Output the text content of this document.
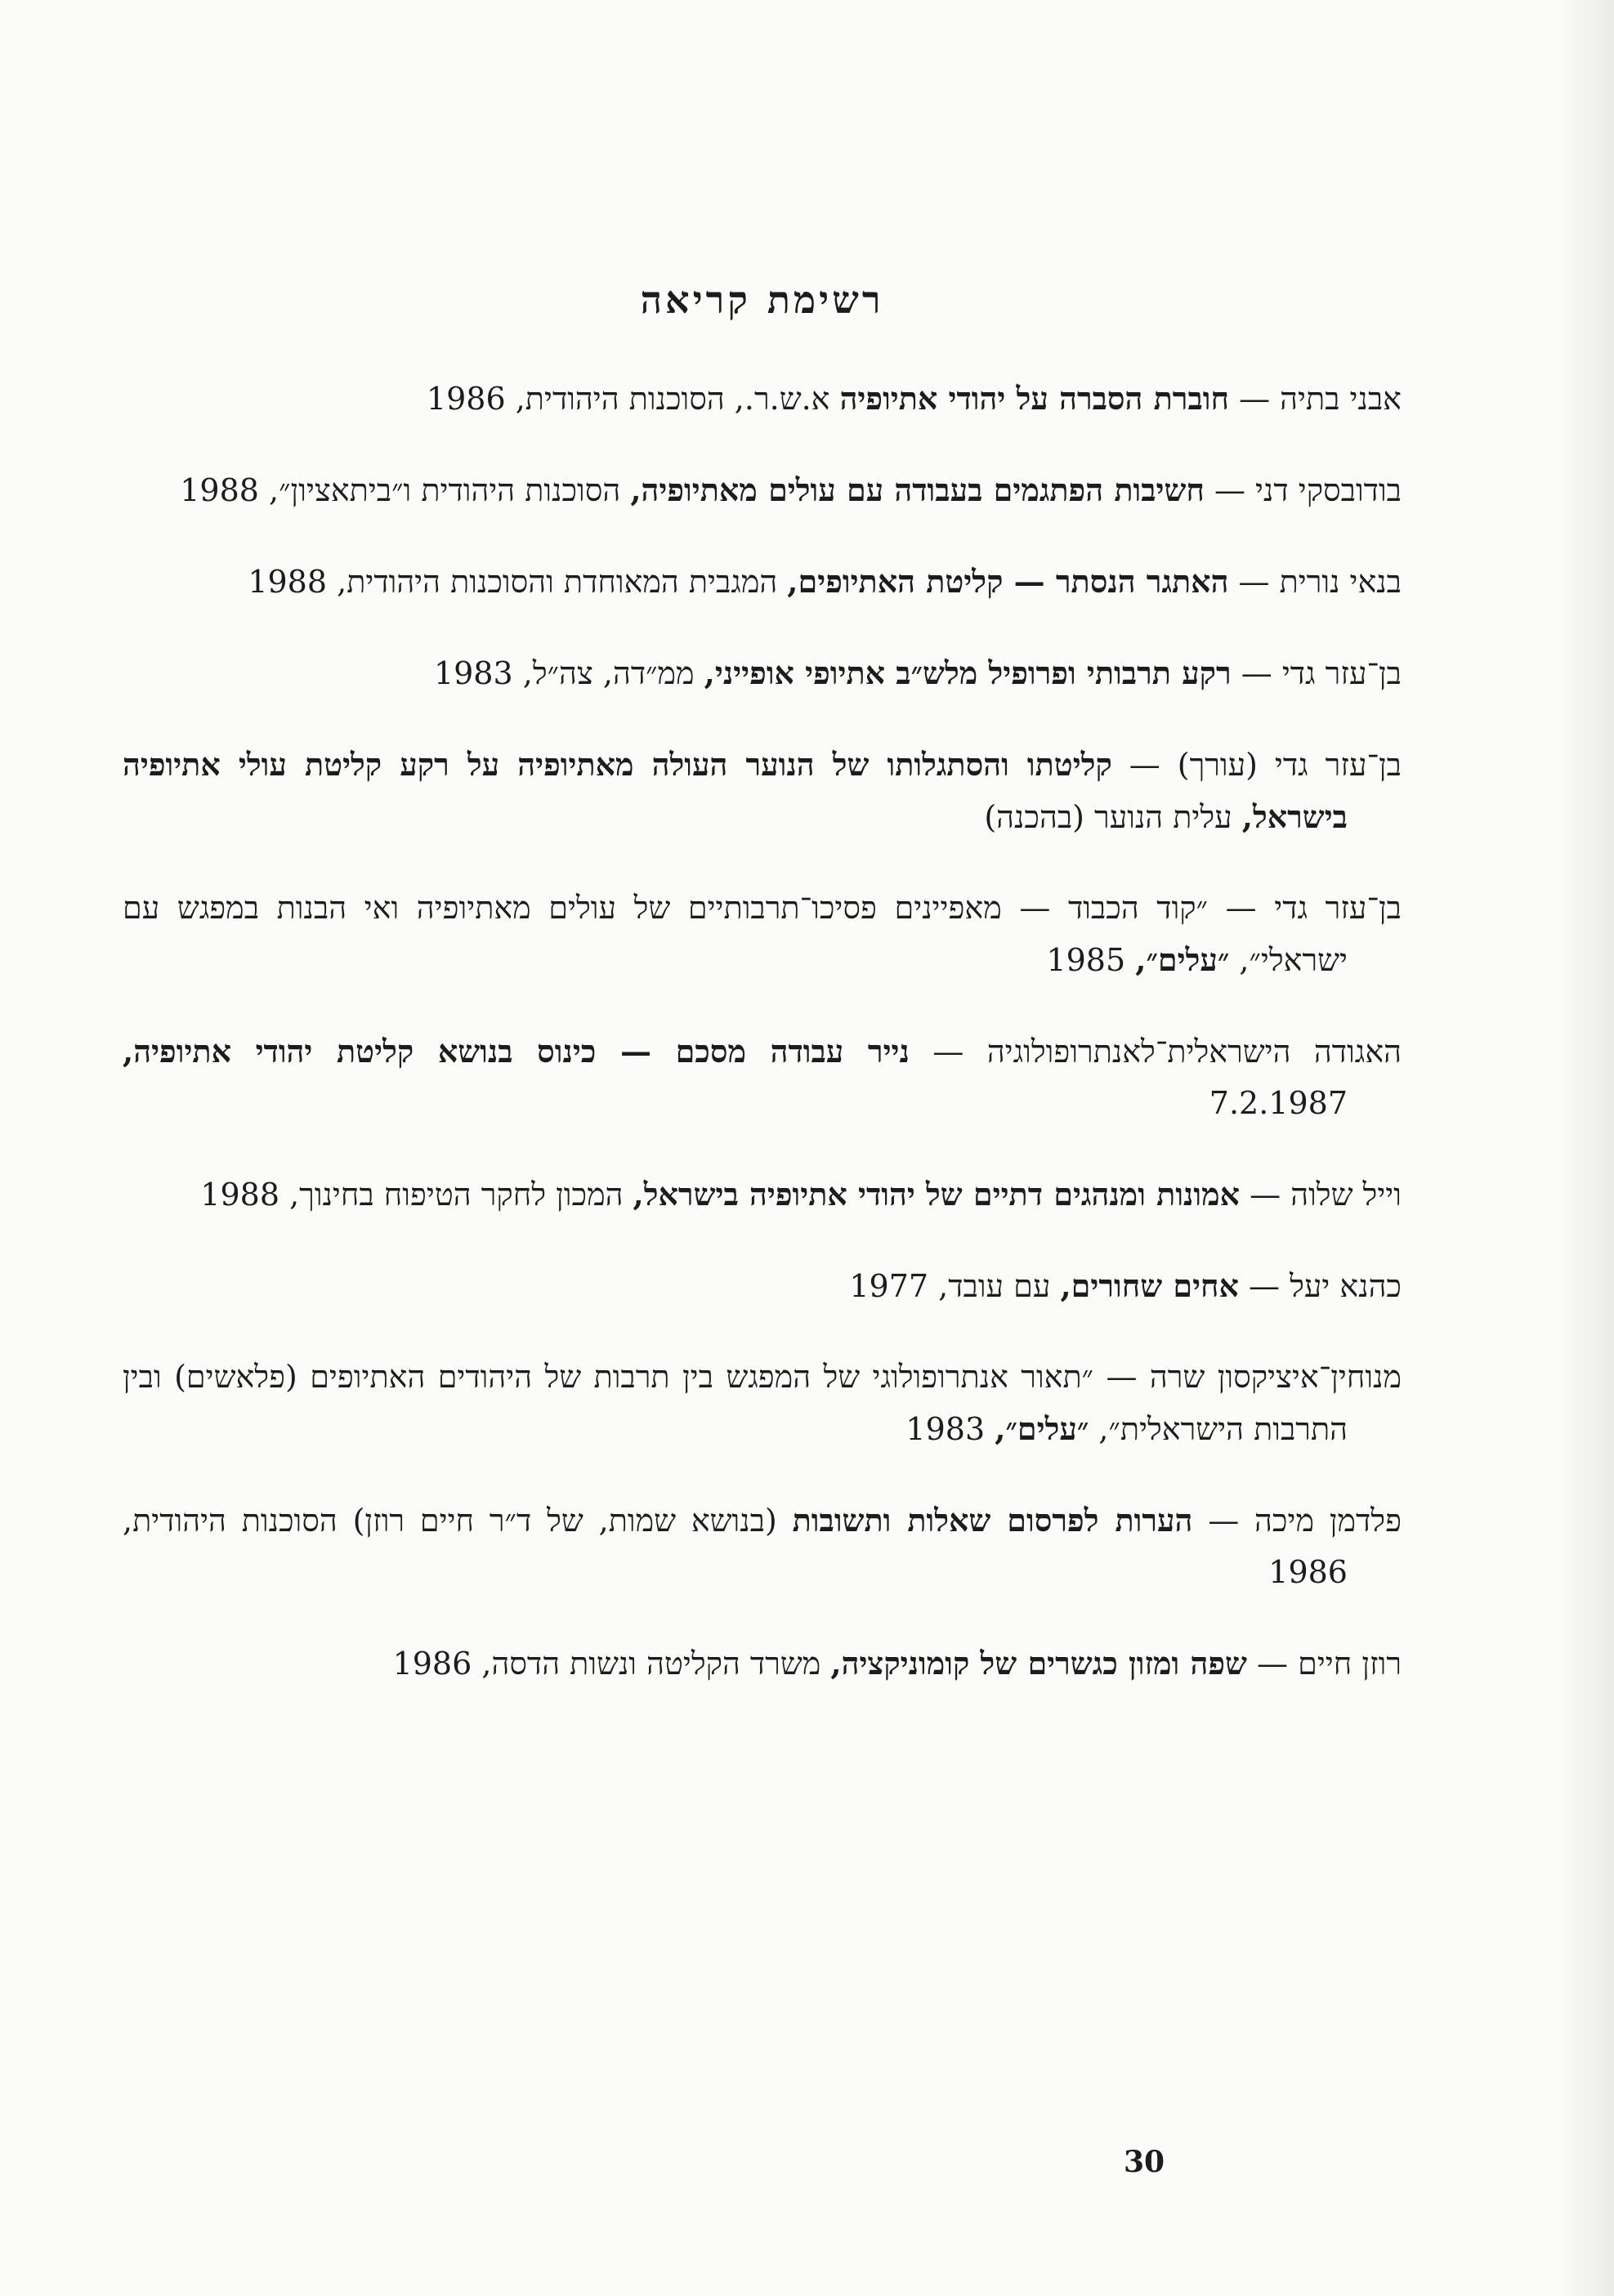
רשימת קריאה

אבני בתיה — חוברת הסברה על יהודי אתיופיה א.ש.ר., הסוכנות היהודית, 1986

בודובסקי דני — חשיבות הפתגמים בעבודה עם עולים מאתיופיה, הסוכנות היהודית ו״ביתאציון״, 1988

בנאי נורית — האתגר הנסתר — קליטת האתיופים, המגבית המאוחדת והסוכנות היהודית, 1988

בן־עזר גדי — רקע תרבותי ופרופיל מלש״ב אתיופי אופייני, ממ״דה, צה״ל, 1983

בן־עזר גדי (עורך) — קליטתו והסתגלותו של הנוער העולה מאתיופיה על רקע קליטת עולי אתיופיה בישראל, עלית הנוער (בהכנה)

בן־עזר גדי — ״קוד הכבוד — מאפיינים פסיכו־תרבותיים של עולים מאתיופיה ואי הבנות במפגש עם ישראלי״, ״עלים״, 1985

האגודה הישראלית־לאנתרופולוגיה — נייר עבודה מסכם — כינוס בנושא קליטת יהודי אתיופיה, 7.2.1987

וייל שלוה — אמונות ומנהגים דתיים של יהודי אתיופיה בישראל, המכון לחקר הטיפוח בחינוך, 1988

כהנא יעל — אחים שחורים, עם עובד, 1977

מנוחין־איציקסון שרה — ״תאור אנתרופולוגי של המפגש בין תרבות של היהודים האתיופים (פלאשים) ובין התרבות הישראלית״, ״עלים״, 1983

פלדמן מיכה — הערות לפרסום שאלות ותשובות (בנושא שמות, של ד״ר חיים רוזן) הסוכנות היהודית, 1986

רוזן חיים — שפה ומזון כגשרים של קומוניקציה, משרד הקליטה ונשות הדסה, 1986

30
